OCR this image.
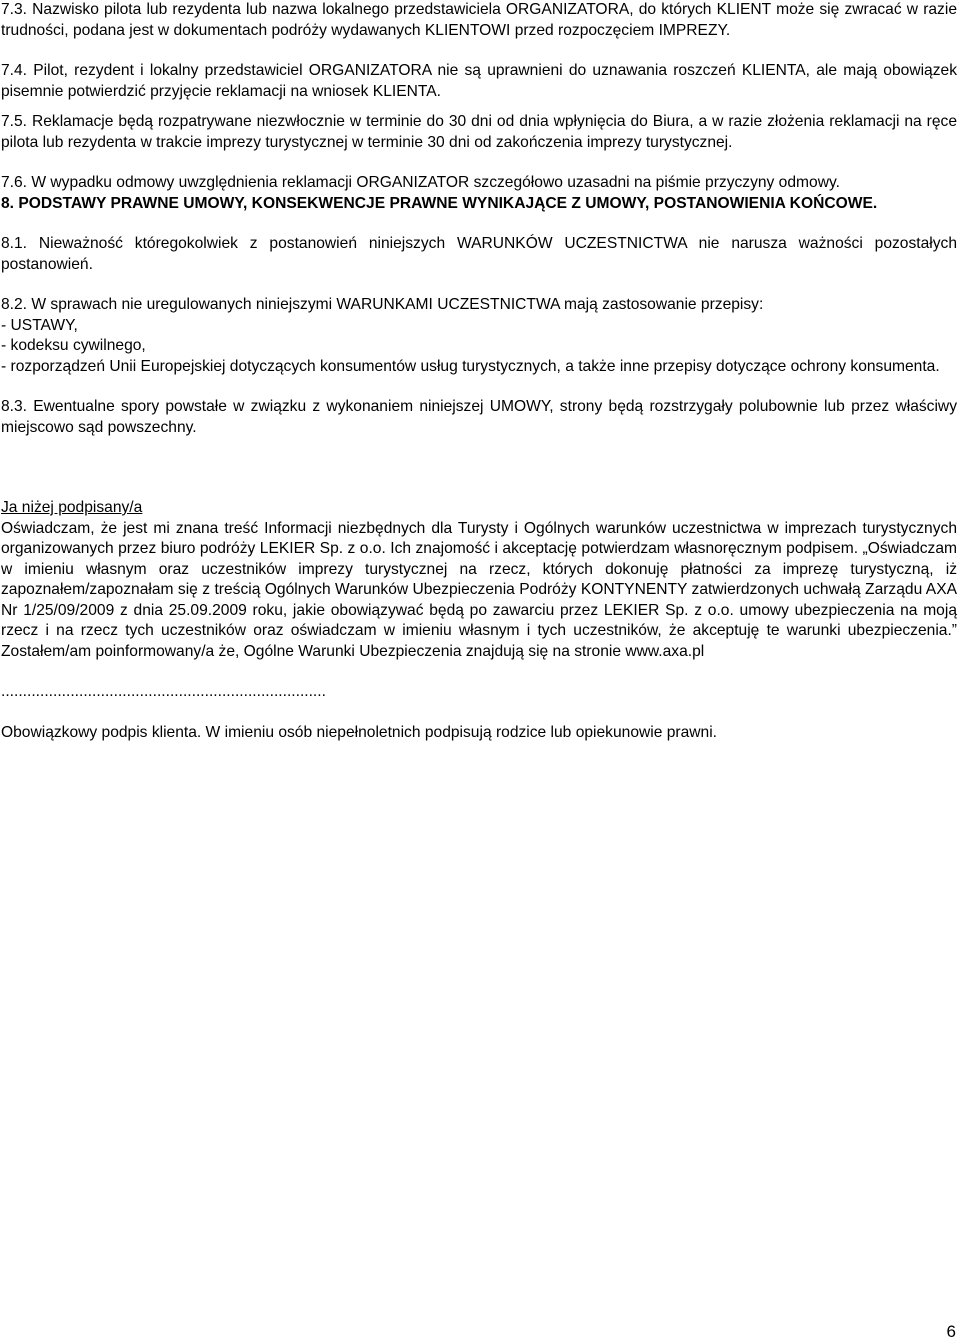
7.3. Nazwisko pilota lub rezydenta lub nazwa lokalnego przedstawiciela ORGANIZATORA, do których KLIENT może się zwracać w razie trudności, podana jest w dokumentach podróży wydawanych KLIENTOWI przed rozpoczęciem IMPREZY.

7.4. Pilot, rezydent i lokalny przedstawiciel ORGANIZATORA nie są uprawnieni do uznawania roszczeń KLIENTA, ale mają obowiązek pisemnie potwierdzić przyjęcie reklamacji na wniosek KLIENTA.

7.5. Reklamacje będą rozpatrywane niezwłocznie w terminie do 30 dni od dnia wpłynięcia do Biura, a w razie złożenia reklamacji na ręce pilota lub rezydenta w trakcie imprezy turystycznej w terminie 30 dni od zakończenia imprezy turystycznej.

7.6. W wypadku odmowy uwzględnienia reklamacji ORGANIZATOR szczegółowo uzasadni na piśmie przyczyny odmowy.

8. PODSTAWY PRAWNE UMOWY, KONSEKWENCJE PRAWNE WYNIKAJĄCE Z UMOWY, POSTANOWIENIA KOŃCOWE.

8.1. Nieważność któregokolwiek z postanowień niniejszych WARUNKÓW UCZESTNICTWA nie narusza ważności pozostałych postanowień.

8.2. W sprawach nie uregulowanych niniejszymi WARUNKAMI UCZESTNICTWA mają zastosowanie przepisy:

- USTAWY,

- kodeksu cywilnego,

- rozporządzeń Unii Europejskiej dotyczących konsumentów usług turystycznych, a także inne przepisy dotyczące ochrony konsumenta.

8.3. Ewentualne spory powstałe w związku z wykonaniem niniejszej UMOWY, strony będą rozstrzygały polubownie lub przez właściwy miejscowo sąd powszechny.

Ja niżej podpisany/a

Oświadczam, że jest mi znana treść Informacji niezbędnych dla Turysty i Ogólnych warunków uczestnictwa w imprezach turystycznych organizowanych przez biuro podróży LEKIER Sp. z o.o. Ich znajomość i akceptację potwierdzam własnoręcznym podpisem. „Oświadczam w imieniu własnym oraz uczestników imprezy turystycznej na rzecz, których dokonuję płatności za imprezę turystyczną, iż zapoznałem/zapoznałam się z treścią Ogólnych Warunków Ubezpieczenia Podróży KONTYNENTY zatwierdzonych uchwałą Zarządu AXA Nr 1/25/09/2009 z dnia 25.09.2009 roku, jakie obowiązywać będą po zawarciu przez LEKIER Sp. z o.o. umowy ubezpieczenia na moją rzecz i na rzecz tych uczestników oraz oświadczam w imieniu własnym i tych uczestników, że akceptuję te warunki ubezpieczenia.” Zostałem/am poinformowany/a że, Ogólne Warunki Ubezpieczenia znajdują się na stronie www.axa.pl

...........................................................................

Obowiązkowy podpis klienta. W imieniu osób niepełnoletnich podpisują rodzice lub opiekunowie prawni.

6
